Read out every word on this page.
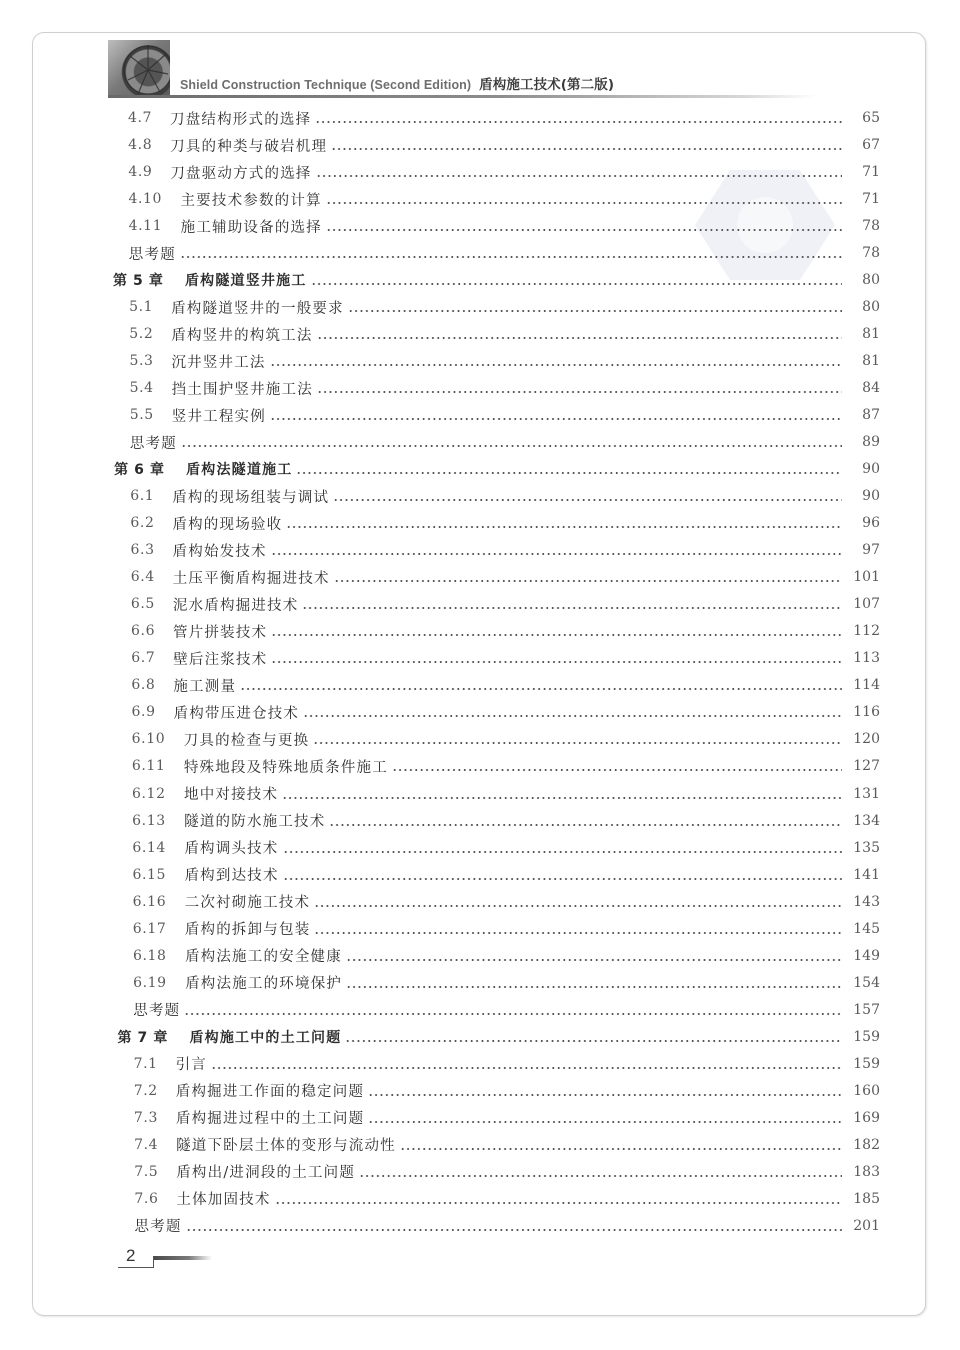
Shield Construction Technique (Second Edition) 盾构施工技术(第二版)
4.7	刀盘结构形式的选择	65
4.8	刀具的种类与破岩机理	67
4.9	刀盘驱动方式的选择	71
4.10	主要技术参数的计算	71
4.11	施工辅助设备的选择	78
思考题	78
第 5 章	盾构隧道竖井施工	80
5.1	盾构隧道竖井的一般要求	80
5.2	盾构竖井的构筑工法	81
5.3	沉井竖井工法	81
5.4	挡土围护竖井施工法	84
5.5	竖井工程实例	87
思考题	89
第 6 章	盾构法隧道施工	90
6.1	盾构的现场组装与调试	90
6.2	盾构的现场验收	96
6.3	盾构始发技术	97
6.4	土压平衡盾构掘进技术	101
6.5	泥水盾构掘进技术	107
6.6	管片拼装技术	112
6.7	壁后注浆技术	113
6.8	施工测量	114
6.9	盾构带压进仓技术	116
6.10	刀具的检查与更换	120
6.11	特殊地段及特殊地质条件施工	127
6.12	地中对接技术	131
6.13	隧道的防水施工技术	134
6.14	盾构调头技术	135
6.15	盾构到达技术	141
6.16	二次衬砌施工技术	143
6.17	盾构的拆卸与包装	145
6.18	盾构法施工的安全健康	149
6.19	盾构法施工的环境保护	154
思考题	157
第 7 章	盾构施工中的土工问题	159
7.1	引言	159
7.2	盾构掘进工作面的稳定问题	160
7.3	盾构掘进过程中的土工问题	169
7.4	隧道下卧层土体的变形与流动性	182
7.5	盾构出/进洞段的土工问题	183
7.6	土体加固技术	185
思考题	201
2
